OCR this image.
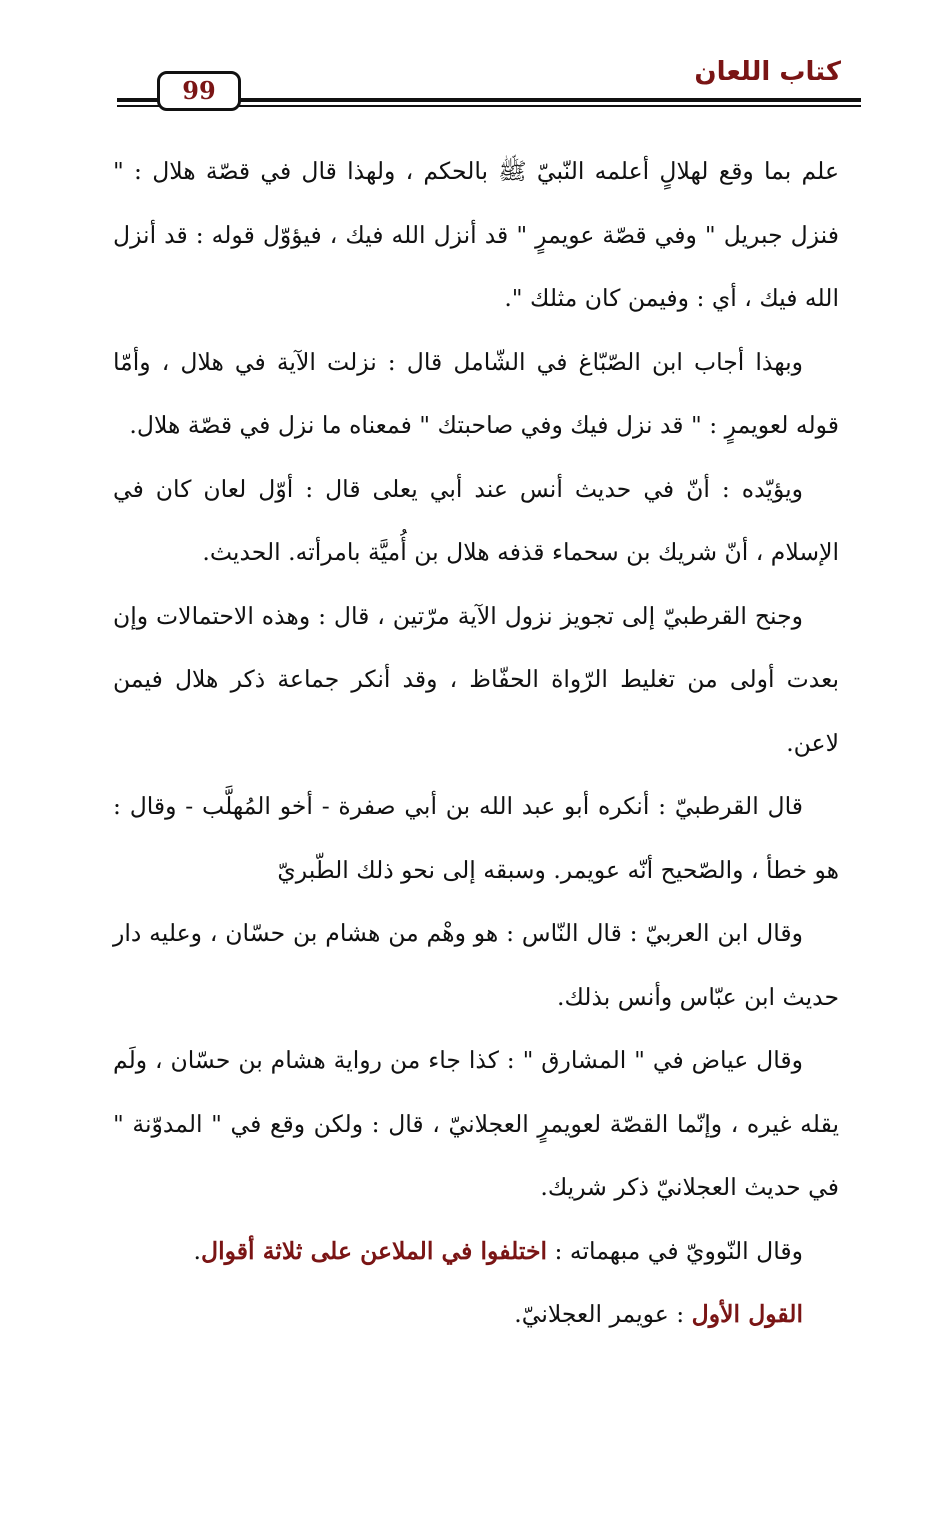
كتاب اللعان
99

علم بما وقع لهلالٍ أعلمه النّبيّ ﷺ بالحكم ، ولهذا قال في قصّة هلال : " فنزل جبريل " وفي قصّة عويمرٍ " قد أنزل الله فيك ، فيؤوّل قوله : قد أنزل الله فيك ، أي : وفيمن كان مثلك ".

وبهذا أجاب ابن الصّبّاغ في الشّامل قال : نزلت الآية في هلال ، وأمّا قوله لعويمرٍ : " قد نزل فيك وفي صاحبتك " فمعناه ما نزل في قصّة هلال.

ويؤيّده : أنّ في حديث أنس عند أبي يعلى قال : أوّل لعان كان في الإسلام ، أنّ شريك بن سحماء قذفه هلال بن أُميَّة بامرأته. الحديث.

وجنح القرطبيّ إلى تجويز نزول الآية مرّتين ، قال : وهذه الاحتمالات وإن بعدت أولى من تغليط الرّواة الحفّاظ ، وقد أنكر جماعة ذكر هلال فيمن لاعن.

قال القرطبيّ : أنكره أبو عبد الله بن أبي صفرة - أخو المُهلَّب - وقال : هو خطأ ، والصّحيح أنّه عويمر. وسبقه إلى نحو ذلك الطّبريّ

وقال ابن العربيّ : قال النّاس : هو وهْم من هشام بن حسّان ، وعليه دار حديث ابن عبّاس وأنس بذلك.

وقال عياض في " المشارق " : كذا جاء من رواية هشام بن حسّان ، ولَم يقله غيره ، وإنّما القصّة لعويمرٍ العجلانيّ ، قال : ولكن وقع في " المدوّنة " في حديث العجلانيّ ذكر شريك.

وقال النّوويّ في مبهماته : اختلفوا في الملاعن على ثلاثة أقوال.

القول الأول : عويمر العجلانيّ.
